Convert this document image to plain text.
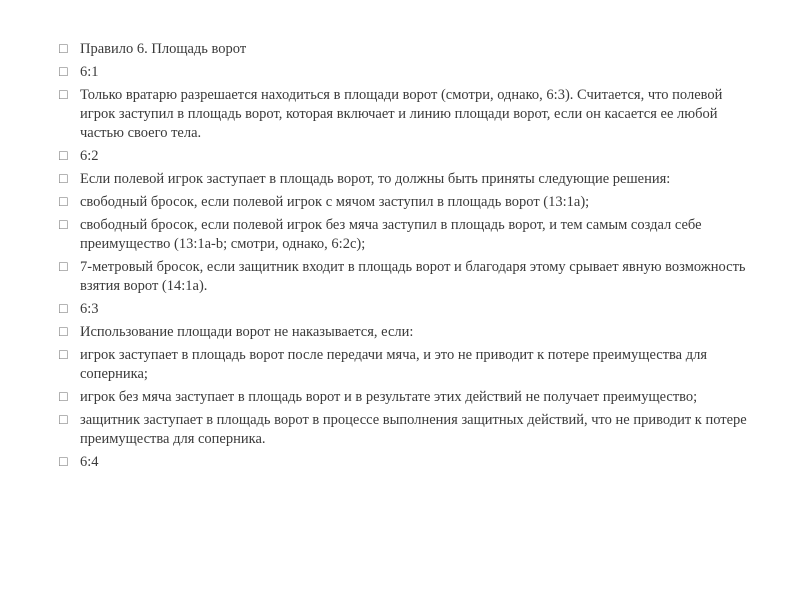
☐ Правило 6. Площадь ворот
☐ 6:1
☐ Только вратарю разрешается находиться в площади ворот (смотри, однако, 6:3). Считается, что полевой игрок заступил в площадь ворот, которая включает и линию площади ворот, если он касается ее любой частью своего тела.
☐ 6:2
☐ Если полевой игрок заступает в площадь ворот, то должны быть приняты следующие решения:
☐ свободный бросок, если полевой игрок с мячом заступил в площадь ворот (13:1a);
☐ свободный бросок, если полевой игрок без мяча заступил в площадь ворот, и тем самым создал себе преимущество (13:1a-b; смотри, однако, 6:2c);
☐ 7-метровый бросок, если защитник входит в площадь ворот и благодаря этому срывает явную возможность взятия ворот (14:1a).
☐ 6:3
☐ Использование площади ворот не наказывается, если:
☐ игрок заступает в площадь ворот после передачи мяча, и это не приводит к потере преимущества для соперника;
☐ игрок без мяча заступает в площадь ворот и в результате этих действий не получает преимущество;
☐ защитник заступает в площадь ворот в процессе выполнения защитных действий, что не приводит к потере преимущества для соперника.
☐ 6:4
